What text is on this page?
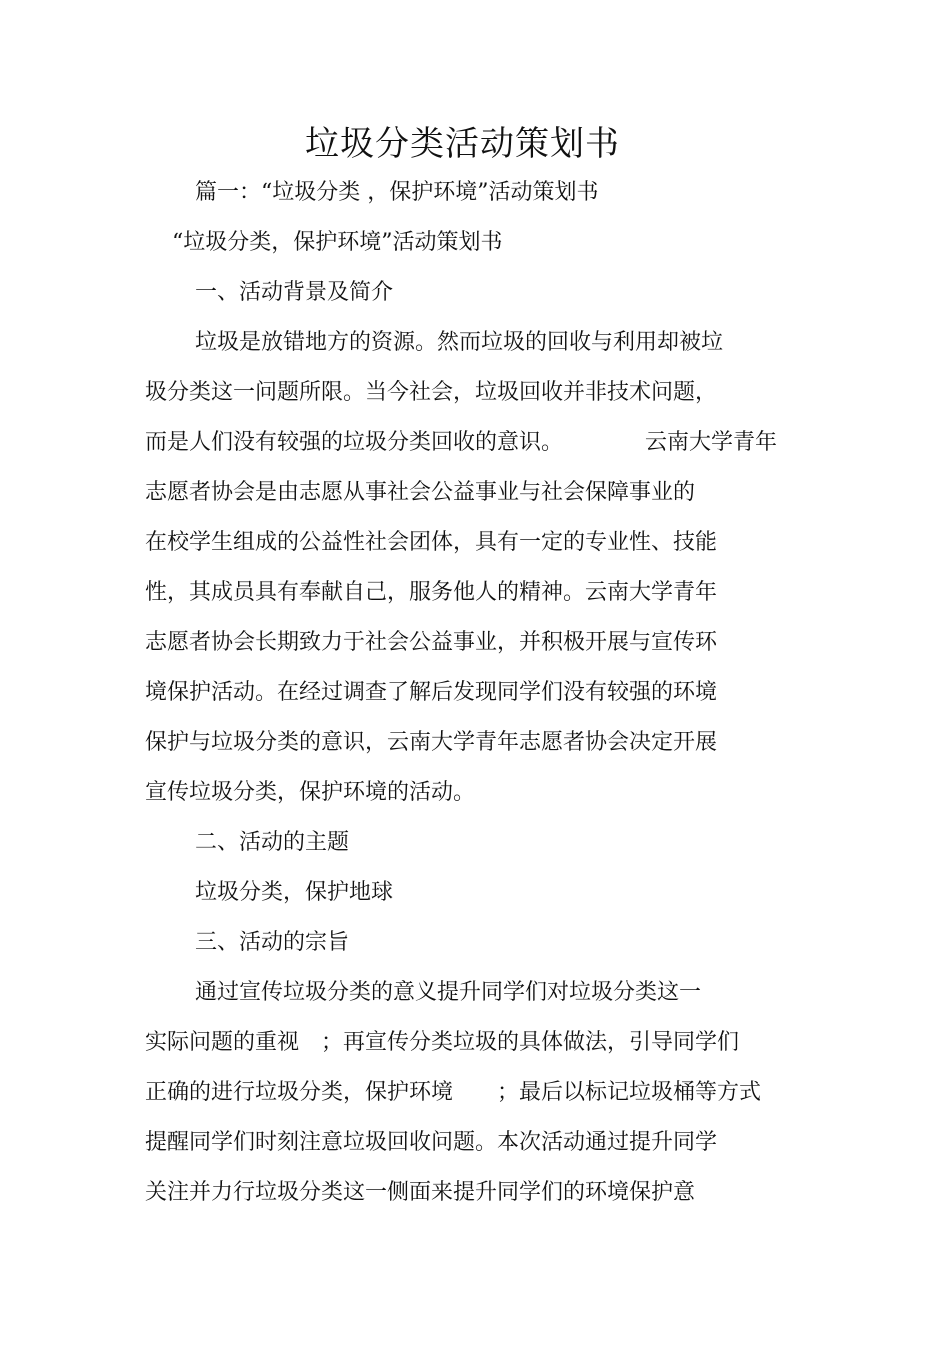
垃圾分类活动策划书
篇一：“垃圾分类 ，保护环境”活动策划书
“垃圾分类，保护环境”活动策划书
一、活动背景及简介
垃圾是放错地方的资源。然而垃圾的回收与利用却被垃
圾分类这一问题所限。当今社会，垃圾回收并非技术问题，
而是人们没有较强的垃圾分类回收的意识。	云南大学青年
志愿者协会是由志愿从事社会公益事业与社会保障事业的
在校学生组成的公益性社会团体，具有一定的专业性、技能
性，其成员具有奉献自己，服务他人的精神。云南大学青年
志愿者协会长期致力于社会公益事业，并积极开展与宣传环
境保护活动。在经过调查了解后发现同学们没有较强的环境
保护与垃圾分类的意识，云南大学青年志愿者协会决定开展
宣传垃圾分类，保护环境的活动。
二、活动的主题
垃圾分类，保护地球
三、活动的宗旨
通过宣传垃圾分类的意义提升同学们对垃圾分类这一
实际问题的重视 ；再宣传分类垃圾的具体做法，引导同学们
正确的进行垃圾分类，保护环境 ；最后以标记垃圾桶等方式
提醒同学们时刻注意垃圾回收问题。本次活动通过提升同学
关注并力行垃圾分类这一侧面来提升同学们的环境保护意
